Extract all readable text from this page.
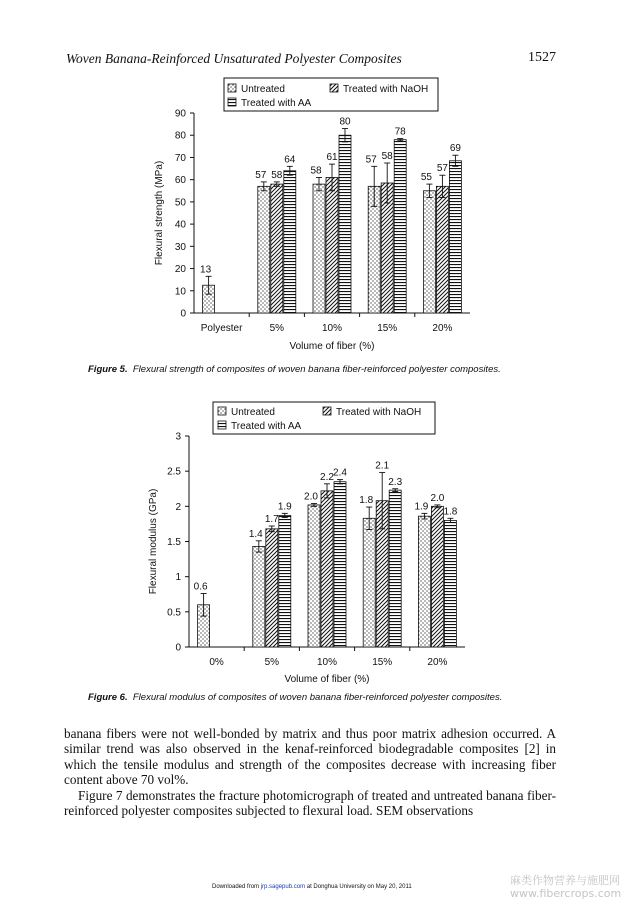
Woven Banana-Reinforced Unsaturated Polyester Composites	1527
Untreated	Treated with NaOH
Treated with AA
0
10
20
30
40
50
60
70
80
90
Polyester	5%	10%	15%	20%
13
57 58
64
58
61
80
57 58
78
55
57
69
Flexural strength (MPa)
Volume of fiber (%)
Figure 5. Flexural strength of composites of woven banana fiber-reinforced polyester composites.
Untreated	Treated with NaOH
Treated with AA
0
0.5
1
1.5
2
2.5
3
0%	5%	10%	15%	20%
0.6
1.4
1.7
1.9
2.0
2.2 2.4
1.8
2.1
2.3
1.9
2.0
1.8
Flexural modulus (GPa)
Volume of fiber (%)
Figure 6. Flexural modulus of composites of woven banana fiber-reinforced polyester composites.

banana fibers were not well-bonded by matrix and thus poor matrix adhesion occurred. A similar trend was also observed in the kenaf-reinforced biodegradable composites [2] in which the tensile modulus and strength of the composites decrease with increasing fiber content above 70 vol%.

Figure 7 demonstrates the fracture photomicrograph of treated and untreated banana fiber-reinforced polyester composites subjected to flexural load. SEM observations

Downloaded from jrp.sagepub.com at Donghua University on May 20, 2011	麻类作物营养与施肥网
www.fibercrops.com
